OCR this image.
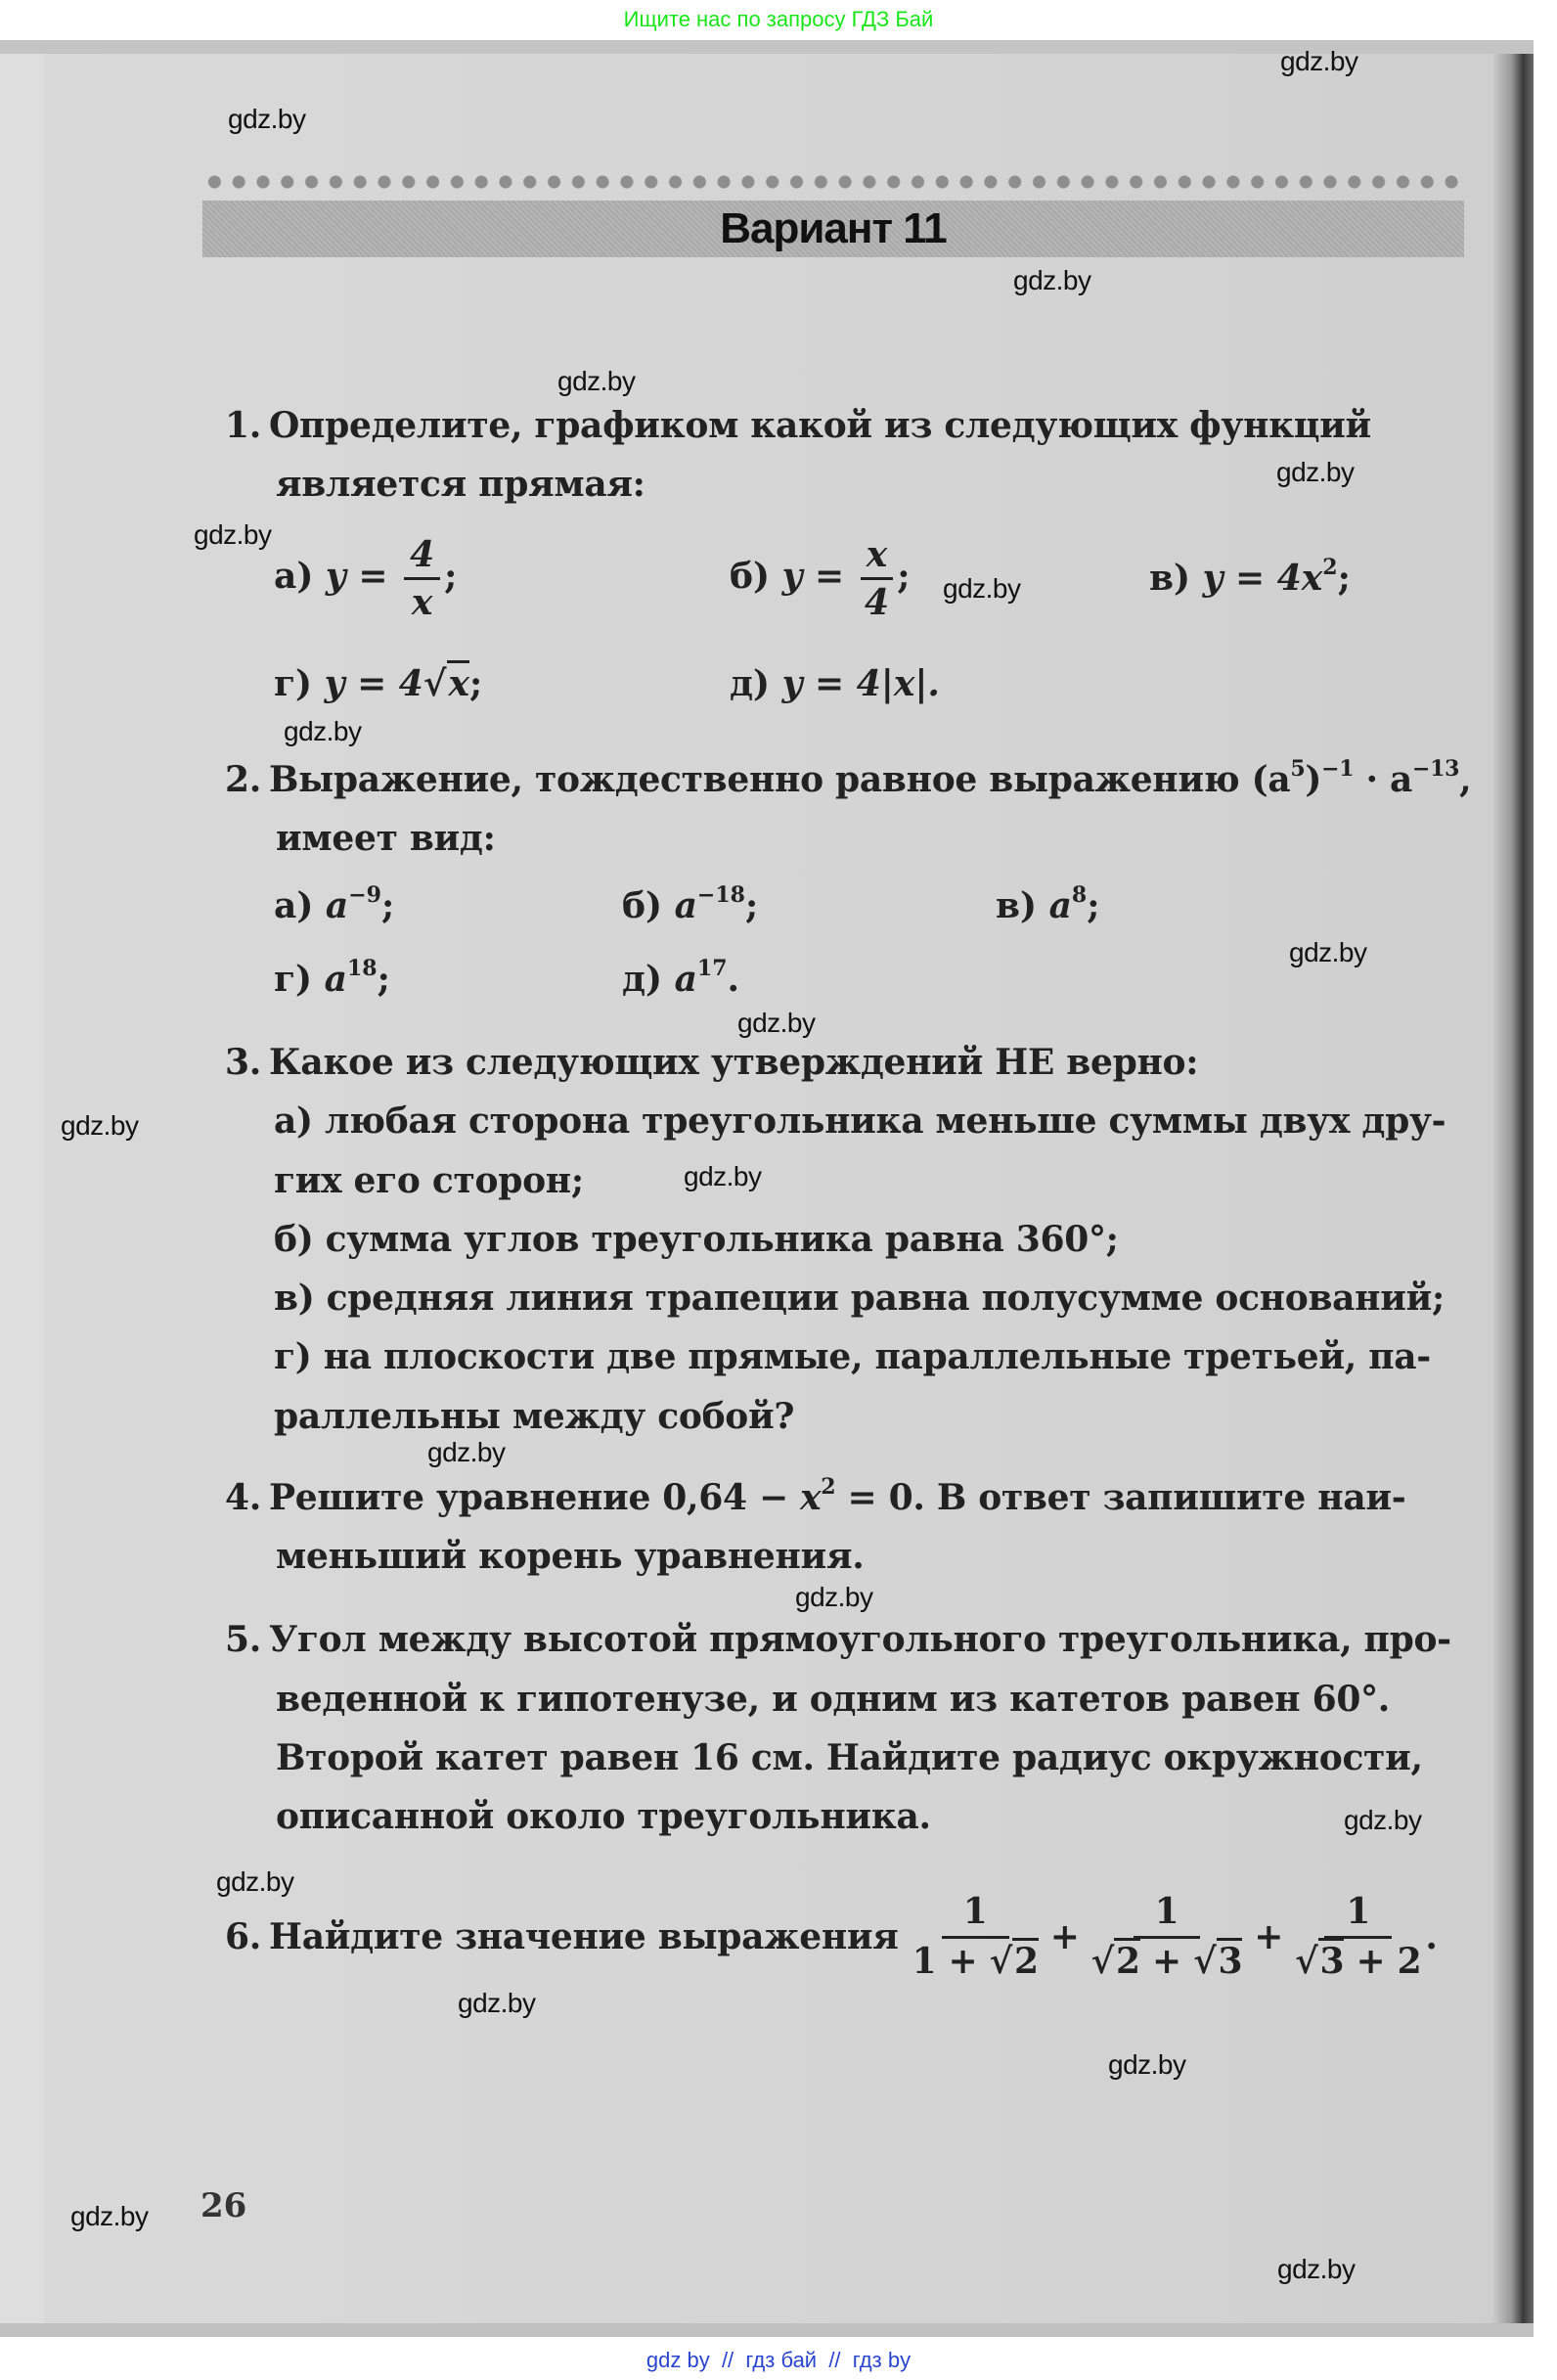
Ищите нас по запросу ГДЗ Бай
Вариант 11
1. Определите, графиком какой из следующих функций
является прямая:
а) $y = \frac{4}{x}$ ;	б) $y = \frac{x}{4}$ ;	в) $y = 4x^2$;
г) y = 4√x;	д) y = 4|x|.
2. Выражение, тождественно равное выражению $(a^5)^{-1} \cdot a^{-13}$,
имеет вид:
а) $a^{-9}$;	б) $a^{-18}$;	в) $a^8$;
г) $a^{18}$;	д) $a^{17}$.
3. Какое из следующих утверждений НЕ верно:
а) любая сторона треугольника меньше суммы двух дру-
гих его сторон;
б) сумма углов треугольника равна 360°;
в) средняя линия трапеции равна полусумме оснований;
г) на плоскости две прямые, параллельные третьей, па-
раллельны между собой?
4. Решите уравнение $0,64 - x^2 = 0$. В ответ запишите наи-
меньший корень уравнения.
5. Угол между высотой прямоугольного треугольника, про-
веденной к гипотенузе, и одним из катетов равен 60°.
Второй катет равен 16 см. Найдите радиус окружности,
описанной около треугольника.
6. Найдите значение выражения $\frac{1}{1 + √2} + \frac{1}{√2 + √3} + \frac{1}{√3 + 2}$ .
26
gdz.by
gdz.by
gdz.by
gdz.by
gdz.by
gdz.by
gdz.by
gdz.by
gdz.by
gdz.by
gdz.by
gdz.by
gdz.by
gdz.by
gdz.by
gdz.by
gdz.by
gdz.by
gdz.by
gdz.by
gdz by  //  гдз бай  //  гдз by
